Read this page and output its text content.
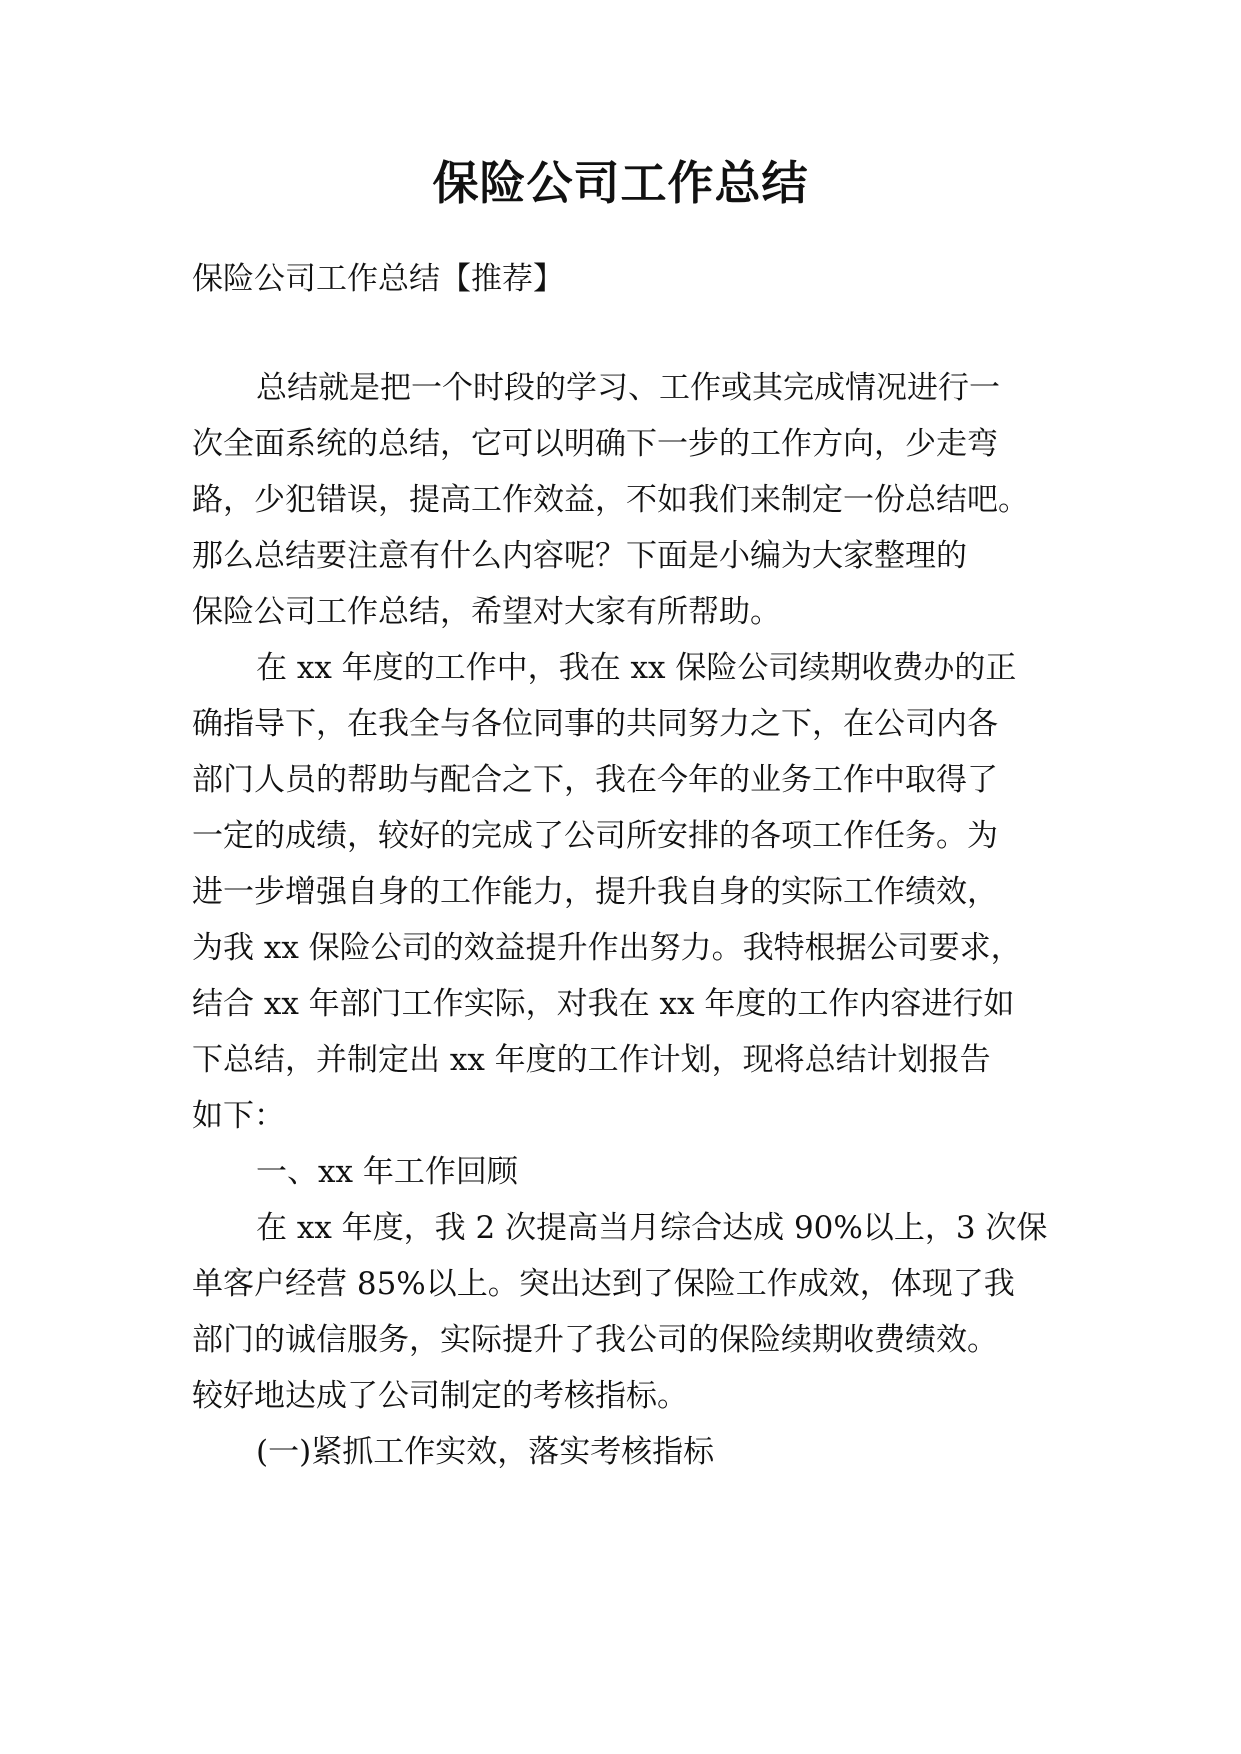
保险公司工作总结

保险公司工作总结【推荐】

总结就是把一个时段的学习、工作或其完成情况进行一

次全面系统的总结，它可以明确下一步的工作方向，少走弯

路，少犯错误，提高工作效益，不如我们来制定一份总结吧。

那么总结要注意有什么内容呢？下面是小编为大家整理的

保险公司工作总结，希望对大家有所帮助。

在 xx 年度的工作中，我在 xx 保险公司续期收费办的正

确指导下，在我全与各位同事的共同努力之下，在公司内各

部门人员的帮助与配合之下，我在今年的业务工作中取得了

一定的成绩，较好的完成了公司所安排的各项工作任务。为

进一步增强自身的工作能力，提升我自身的实际工作绩效，

为我 xx 保险公司的效益提升作出努力。我特根据公司要求，

结合 xx 年部门工作实际，对我在 xx 年度的工作内容进行如

下总结，并制定出 xx 年度的工作计划，现将总结计划报告

如下：

一、xx 年工作回顾

在 xx 年度，我 2 次提高当月综合达成 90%以上，3 次保

单客户经营 85%以上。突出达到了保险工作成效，体现了我

部门的诚信服务，实际提升了我公司的保险续期收费绩效。

较好地达成了公司制定的考核指标。

(一)紧抓工作实效，落实考核指标
